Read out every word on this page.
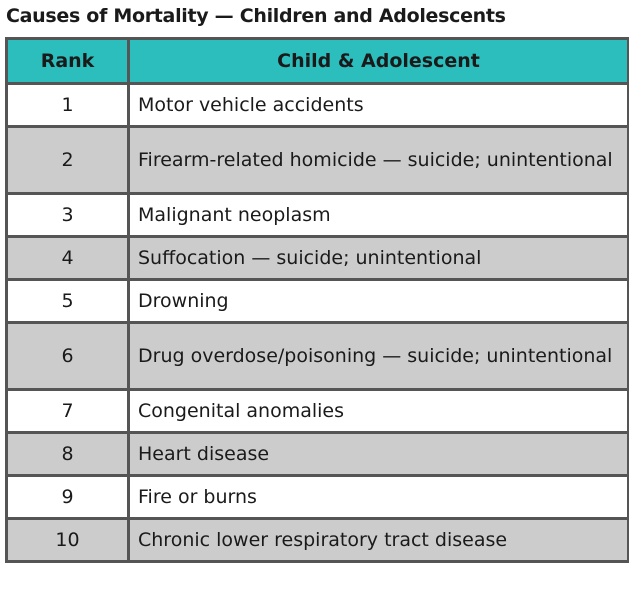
Causes of Mortality — Children and Adolescents
Rank	Child & Adolescent
1	Motor vehicle accidents
2	Firearm-related homicide — suicide; unintentional
3	Malignant neoplasm
4	Suffocation — suicide; unintentional
5	Drowning
6	Drug overdose/poisoning — suicide; unintentional
7	Congenital anomalies
8	Heart disease
9	Fire or burns
10	Chronic lower respiratory tract disease
